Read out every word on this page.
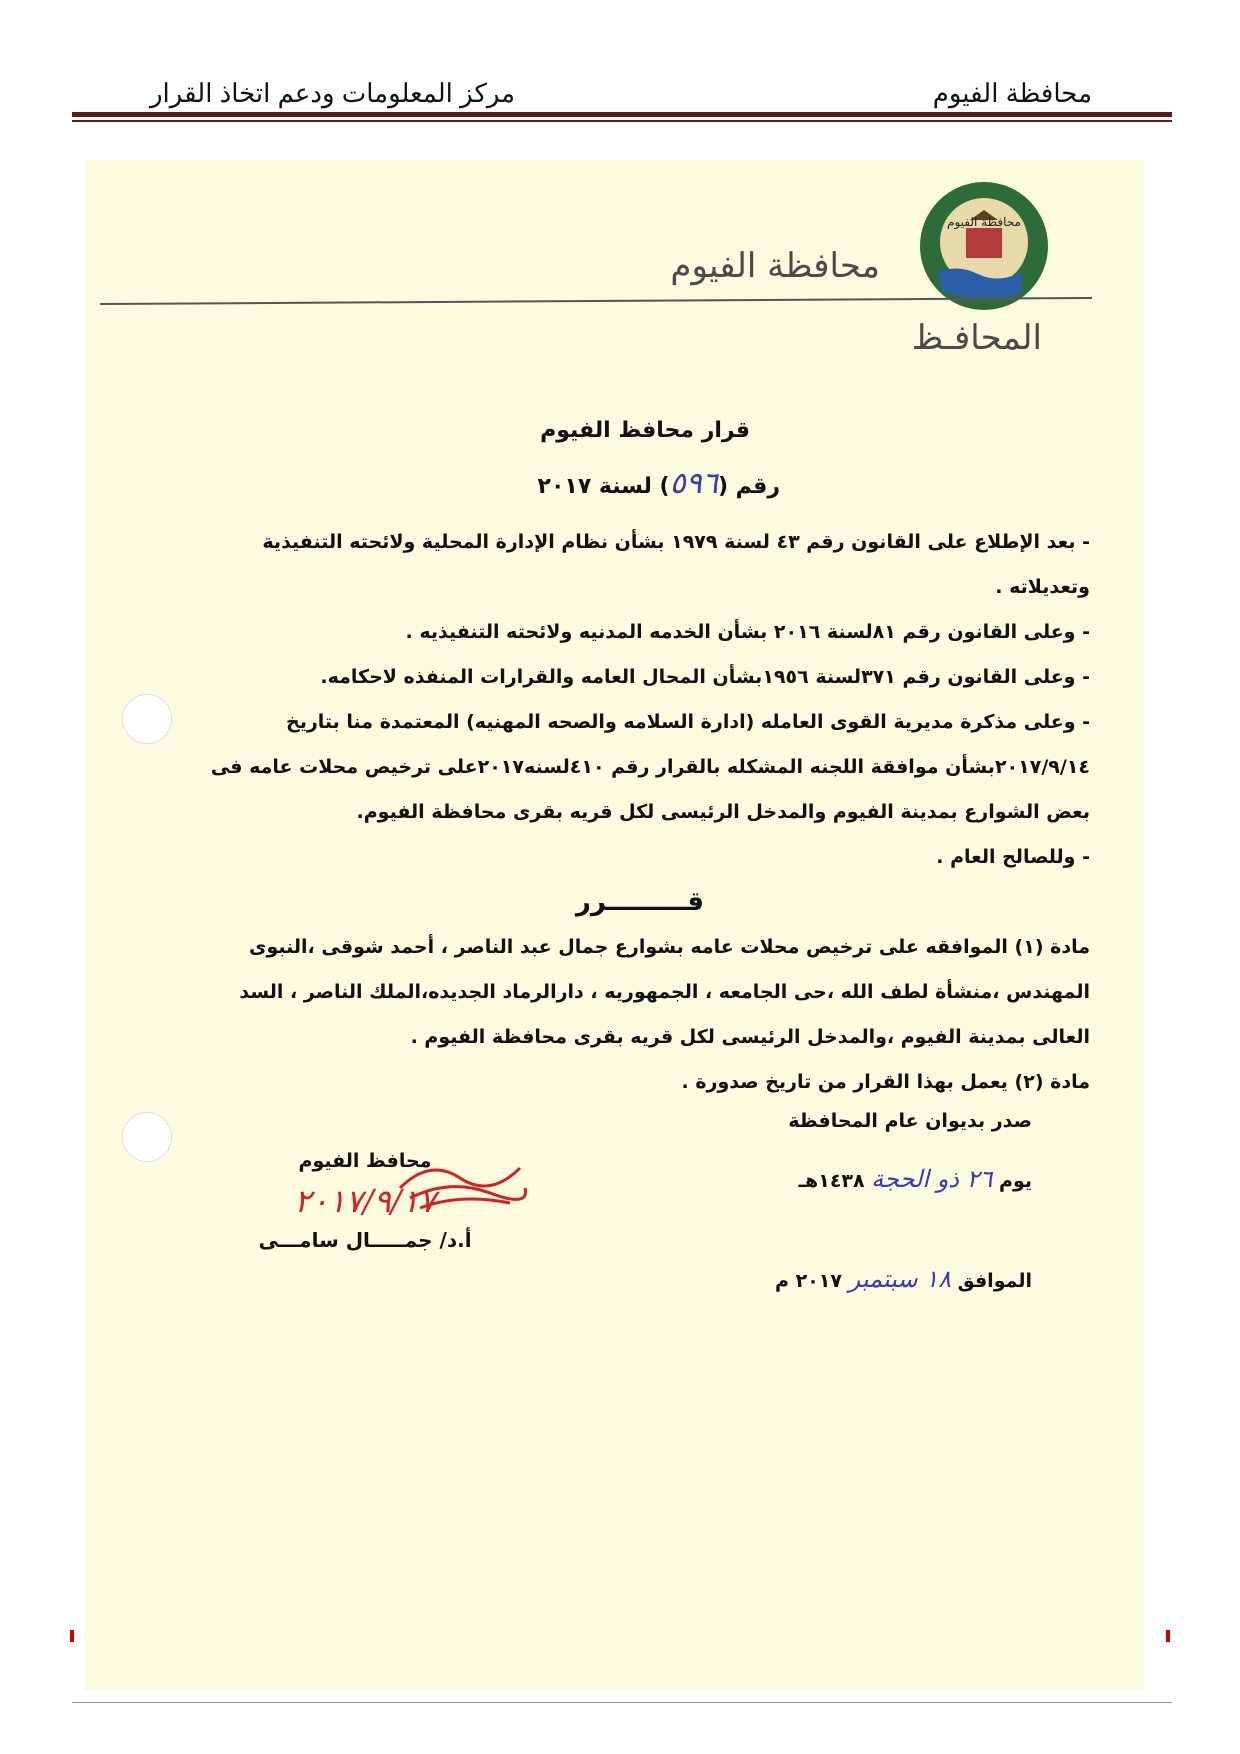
محافظة الفيوم
مركز المعلومات ودعم اتخاذ القرار
محافظة الفيوم
محافظة الفيوم
المحافـظ
قرار محافظ الفيوم
رقم (٥٩٦) لسنة ٢٠١٧

- بعد الإطلاع على القانون رقم ٤٣ لسنة ١٩٧٩ بشأن نظام الإدارة المحلية ولائحته التنفيذية وتعديلاته .

- وعلى القانون رقم ٨١لسنة ٢٠١٦ بشأن الخدمه المدنيه ولائحته التنفيذيه .

- وعلى القانون رقم ٣٧١لسنة ١٩٥٦بشأن المحال العامه والقرارات المنفذه لاحكامه.

- وعلى مذكرة مديرية القوى العامله (ادارة السلامه والصحه المهنيه) المعتمدة منا بتاريخ ٢٠١٧/٩/١٤بشأن موافقة اللجنه المشكله بالقرار رقم ٤١٠لسنه٢٠١٧على ترخيص محلات عامه فى بعض الشوارع بمدينة الفيوم والمدخل الرئيسى لكل قريه بقرى محافظة الفيوم.

- وللصالح العام .

قـــــــــرر

مادة (١) الموافقه على ترخيص محلات عامه بشوارع جمال عبد الناصر ، أحمد شوقى ،النبوى المهندس ،منشأة لطف الله ،حى الجامعه ، الجمهوريه ، دارالرماد الجديده،الملك الناصر ، السد العالى بمدينة الفيوم ،والمدخل الرئيسى لكل قريه بقرى محافظة الفيوم .

مادة (٢) يعمل بهذا القرار من تاريخ صدورة .

صدر بديوان عام المحافظة
يوم ٢٦ ذو الحجة ١٤٣٨هـ
الموافق ١٨ سبتمبر ٢٠١٧ م
محافظ الفيوم
٢٠١٧/٩/١٧
أ.د/ جمـــــال سامـــى
